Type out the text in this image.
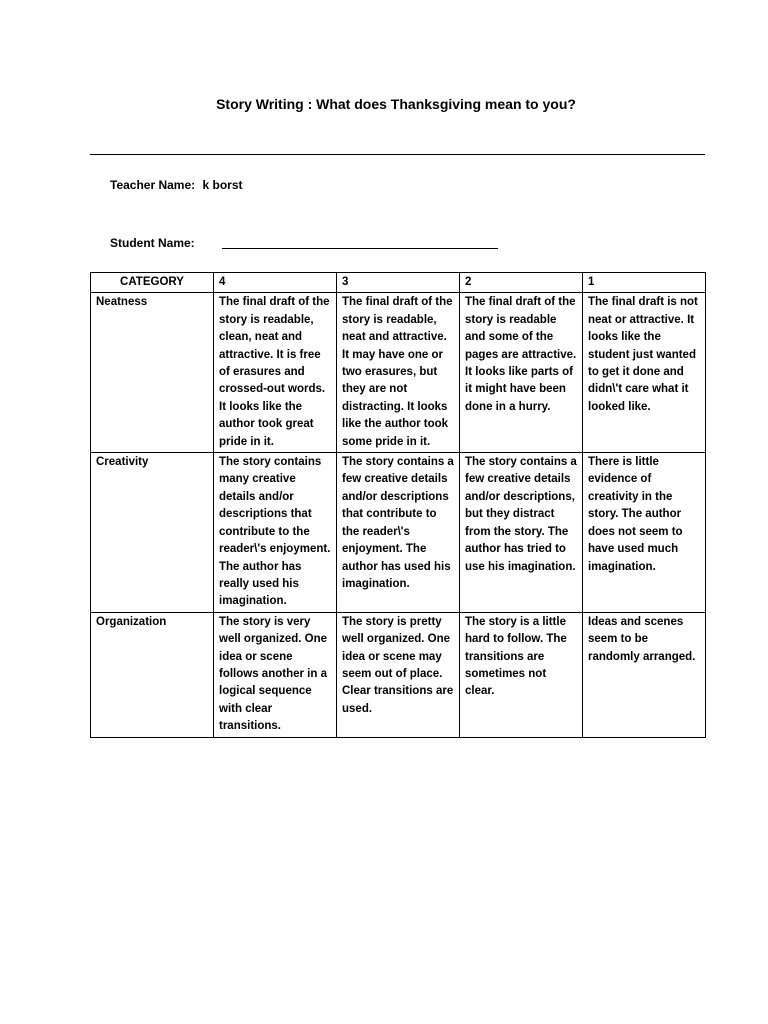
Story Writing : What does Thanksgiving mean to you?
Teacher Name: k borst
Student Name:
CATEGORY	4	3	2	1
Neatness	The final draft of the story is readable, clean, neat and attractive. It is free of erasures and crossed-out words. It looks like the author took great pride in it.	The final draft of the story is readable, neat and attractive. It may have one or two erasures, but they are not distracting. It looks like the author took some pride in it.	The final draft of the story is readable and some of the pages are attractive. It looks like parts of it might have been done in a hurry.	The final draft is not neat or attractive. It looks like the student just wanted to get it done and didn\'t care what it looked like.
Creativity	The story contains many creative details and/or descriptions that contribute to the reader\'s enjoyment. The author has really used his imagination.	The story contains a few creative details and/or descriptions that contribute to the reader\'s enjoyment. The author has used his imagination.	The story contains a few creative details and/or descriptions, but they distract from the story. The author has tried to use his imagination.	There is little evidence of creativity in the story. The author does not seem to have used much imagination.
Organization	The story is very well organized. One idea or scene follows another in a logical sequence with clear transitions.	The story is pretty well organized. One idea or scene may seem out of place. Clear transitions are used.	The story is a little hard to follow. The transitions are sometimes not clear.	Ideas and scenes seem to be randomly arranged.
